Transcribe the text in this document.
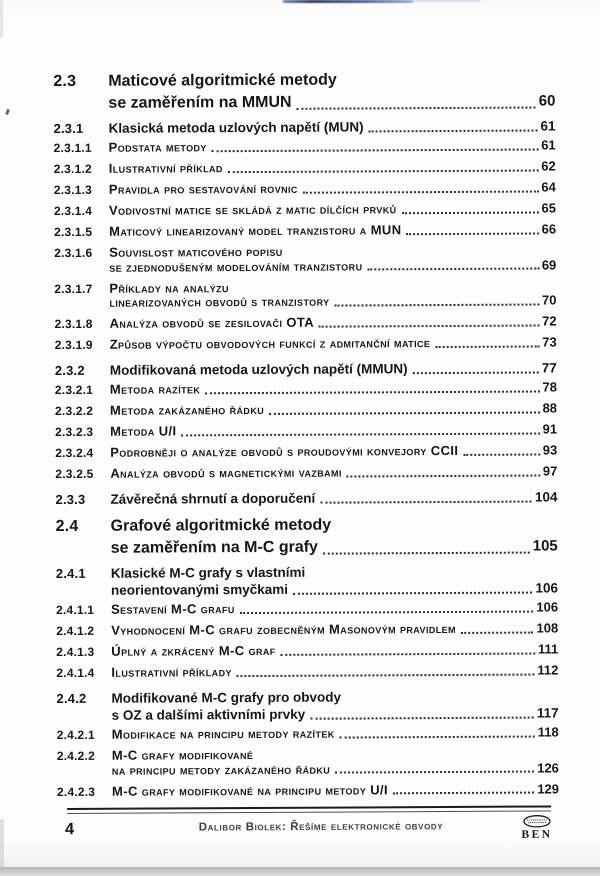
2.3	Maticové algoritmické metody
se zaměřením na MMUN	60
2.3.1	Klasická metoda uzlových napětí (MUN)	61
2.3.1.1	Podstata metody	61
2.3.1.2	Ilustrativní příklad	62
2.3.1.3	Pravidla pro sestavování rovnic	64
2.3.1.4	Vodivostní matice se skládá z matic dílčích prvků	65
2.3.1.5	Maticový linearizovaný model tranzistoru a MUN	66
2.3.1.6	Souvislost maticového popisu
se zjednodušeným modelováním tranzistoru	69
2.3.1.7	Příklady na analýzu
linearizovaných obvodů s tranzistory	70
2.3.1.8	Analýza obvodů se zesilovači OTA	72
2.3.1.9	Způsob výpočtu obvodových funkcí z admitanční matice	73
2.3.2	Modifikovaná metoda uzlových napětí (MMUN)	77
2.3.2.1	Metoda razítek	78
2.3.2.2	Metoda zakázaného řádku	88
2.3.2.3	Metoda U/I	91
2.3.2.4	Podrobněji o analýze obvodů s proudovými konvejory CCII	93
2.3.2.5	Analýza obvodů s magnetickými vazbami	97
2.3.3	Závěrečná shrnutí a doporučení	104
2.4	Grafové algoritmické metody
se zaměřením na M-C grafy	105
2.4.1	Klasické M-C grafy s vlastními
neorientovanými smyčkami	106
2.4.1.1	Sestavení M-C grafu	106
2.4.1.2	Vyhodnocení M-C grafu zobecněným Masonovým pravidlem	108
2.4.1.3	Úplný a zkrácený M-C graf	111
2.4.1.4	Ilustrativní příklady	112
2.4.2	Modifikované M-C grafy pro obvody
s OZ a dalšími aktivními prvky	117
2.4.2.1	Modifikace na principu metody razítek	118
2.4.2.2	M-C grafy modifikované
na principu metody zakázaného řádku	126
2.4.2.3	M-C grafy modifikované na principu metody U/I	129
4	Dalibor Biolek: Řešíme elektronické obvody
BEN
